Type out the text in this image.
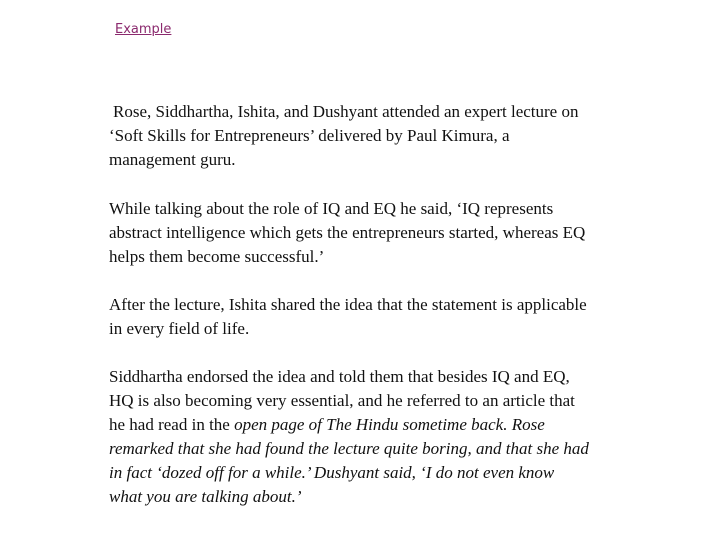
Example
Rose, Siddhartha, Ishita, and Dushyant attended an expert lecture on
‘Soft Skills for Entrepreneurs’ delivered by Paul Kimura, a
management guru.
While talking about the role of IQ and EQ he said, ‘IQ represents
abstract intelligence which gets the entrepreneurs started, whereas EQ
helps them become successful.’
After the lecture, Ishita shared the idea that the statement is applicable
in every field of life.
Siddhartha endorsed the idea and told them that besides IQ and EQ,
HQ is also becoming very essential, and he referred to an article that
he had read in the open page of The Hindu sometime back. Rose
remarked that she had found the lecture quite boring, and that she had
in fact ‘dozed off for a while.’ Dushyant said, ‘I do not even know
what you are talking about.’
